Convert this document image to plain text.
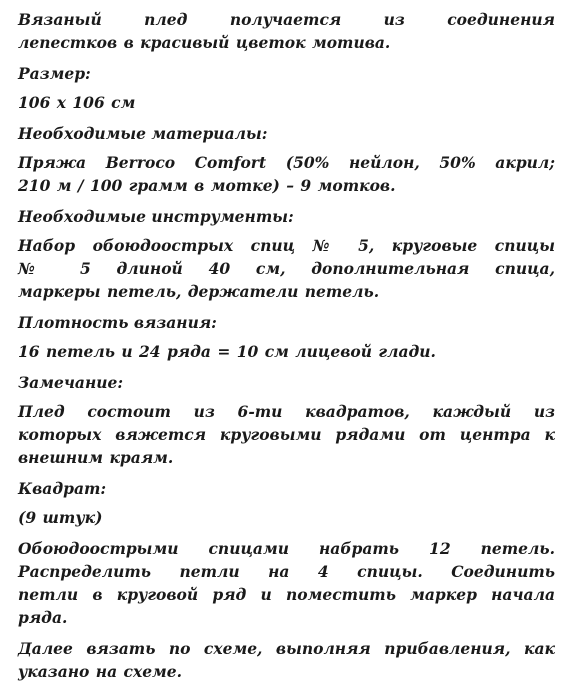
Вязаный плед получается из соединения
лепестков в красивый цветок мотива.

Размер:

106 х 106 см

Необходимые материалы:

Пряжа Berroco Comfort (50% нейлон, 50% акрил;
210 м / 100 грамм в мотке) – 9 мотков.

Необходимые инструменты:

Набор обоюдоострых спиц № 5, круговые спицы
№ 5 длиной 40 см, дополнительная спица,
маркеры петель, держатели петель.

Плотность вязания:

16 петель и 24 ряда = 10 см лицевой глади.

Замечание:

Плед состоит из 6-ти квадратов, каждый из
которых вяжется круговыми рядами от центра к
внешним краям.

Квадрат:

(9 штук)

Обоюдоострыми спицами набрать 12 петель.
Распределить петли на 4 спицы. Соединить
петли в круговой ряд и поместить маркер начала
ряда.

Далее вязать по схеме, выполняя прибавления, как
указано на схеме.
